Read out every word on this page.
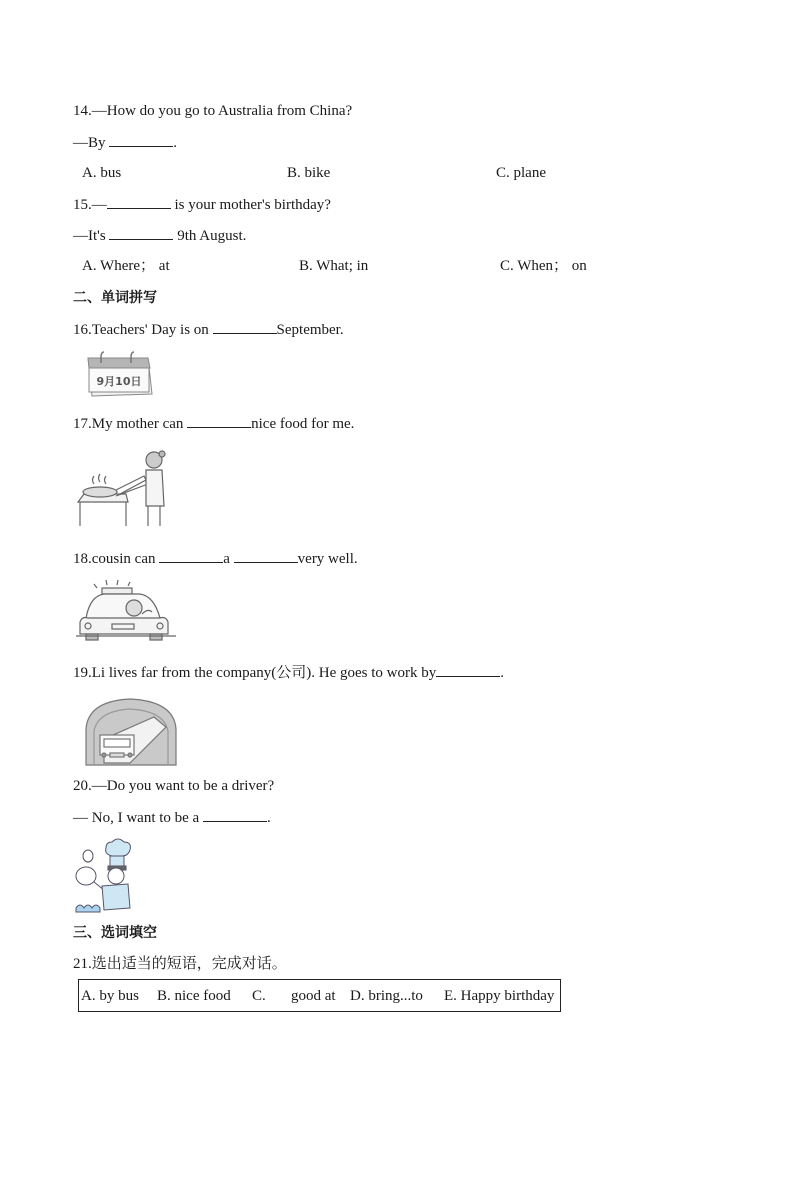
14.—How do you go to Australia from China?
—By	.
A. bus	B. bike	C. plane
15.—	is your mother's birthday?
—It's	9th August.
A. Where； at	B. What; in	C. When； on
二、单词拼写
16.Teachers' Day is on	September.
9月10日
17.My mother can	nice food for me.
18.cousin can	a	very well.
19.Li lives far from the company(公司). He goes to work by	.
20.—Do you want to be a driver?
— No, I want to be a	.
三、选词填空
21.选出适当的短语，完成对话。

A. by bus

B. nice food

C.

good at

D. bring...to

E. Happy birthday
